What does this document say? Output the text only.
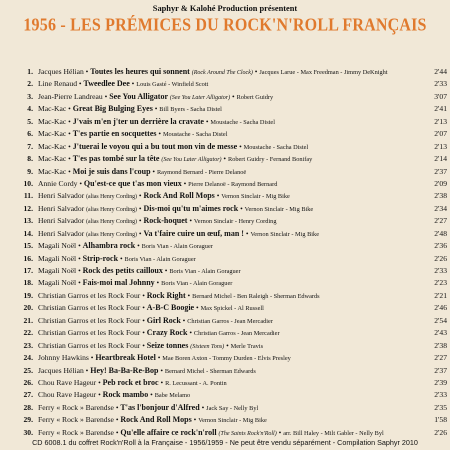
Saphyr & Kalohé Production présentent
1956 - LES PRÉMICES DU ROCK'N'ROLL FRANÇAIS
1. Jacques Hélian • Toutes les heures qui sonnent (Rock Around The Clock) • Jacques Larue - Max Freedman - Jimmy DeKnight	2'44
2. Line Renaud • Tweedlee Dee • Louis Gasté - Winfield Scott	2'33
3. Jean-Pierre Landreau • See You Alligator (See You Later Alligator) • Robert Guidry	3'07
4. Mac-Kac • Great Big Bulging Eyes • Bill Byers - Sacha Distel	2'41
5. Mac-Kac • J'vais m'en j'ter un derrière la cravate • Moustache - Sacha Distel	2'13
6. Mac-Kac • T'es partie en socquettes • Moustache - Sacha Distel	2'07
7. Mac-Kac • J'tuerai le voyou qui a bu tout mon vin de messe • Moustache - Sacha Distel	2'13
8. Mac-Kac • T'es pas tombé sur la tête (See You Later Alligator) • Robert Guidry - Fernand Bonifay	2'14
9. Mac-Kac • Moi je suis dans l'coup • Raymond Bernard - Pierre Delanoë	2'37
10. Annie Cordy • Qu'est-ce que t'as mon vieux • Pierre Delanoë - Raymond Bernard	2'09
11. Henri Salvador (alias Henry Cording) • Rock And Roll Mops • Vernon Sinclair - Mig Bike	2'38
12. Henri Salvador (alias Henry Cording) • Dis-moi qu'tu m'aimes rock • Vernon Sinclair - Mig Bike	2'34
13. Henri Salvador (alias Henry Cording) • Rock-hoquet • Vernon Sinclair - Henry Cording	2'27
14. Henri Salvador (alias Henry Cording) • Va t'faire cuire un œuf, man ! • Vernon Sinclair - Mig Bike	2'48
15. Magali Noël • Alhambra rock • Boris Vian - Alain Goraguer	2'36
16. Magali Noël • Strip-rock • Boris Vian - Alain Goraguer	2'26
17. Magali Noël • Rock des petits cailloux • Boris Vian - Alain Goraguer	2'33
18. Magali Noël • Fais-moi mal Johnny • Boris Vian - Alain Goraguer	2'23
19. Christian Garros et les Rock Four • Rock Right • Bernard Michel - Ben Raleigh - Sherman Edwards	2'21
20. Christian Garros et les Rock Four • A-B-C Boogie • Max Spickel - Al Russell	2'46
21. Christian Garros et les Rock Four • Girl Rock • Christian Garros - Jean Mercadier	2'54
22. Christian Garros et les Rock Four • Crazy Rock • Christian Garros - Jean Mercadier	2'43
23. Christian Garros et les Rock Four • Seize tonnes (Sixteen Tons) • Merle Travis	2'38
24. Johnny Hawkins • Heartbreak Hotel • Mae Boren Axton - Tommy Durden - Elvis Presley	2'27
25. Jacques Hélian • Hey! Ba-Ba-Re-Bop • Bernard Michel - Sherman Edwards	2'37
26. Chou Rave Hageur • Peb rock et broc • R. Lecussant - A. Pontin	2'39
27. Chou Rave Hageur • Rock mambo • Babe Melamo	2'33
28. Ferry « Rock » Barendse • T'as l'bonjour d'Alfred • Jack Say - Nelly Byl	2'35
29. Ferry « Rock » Barendse • Rock And Roll Mops • Vernon Sinclair - Mig Bike	1'58
30. Ferry « Rock » Barendse • Qu'elle affaire ce rock'n'roll (The Saints Rock'n'Roll) • arr. Bill Haley - Milt Gabler - Nelly Byl	2'26
CD 6008.1 du coffret Rock'n'Roll à la Française - 1956/1959 - Ne peut être vendu séparément - Compilation Saphyr 2010
